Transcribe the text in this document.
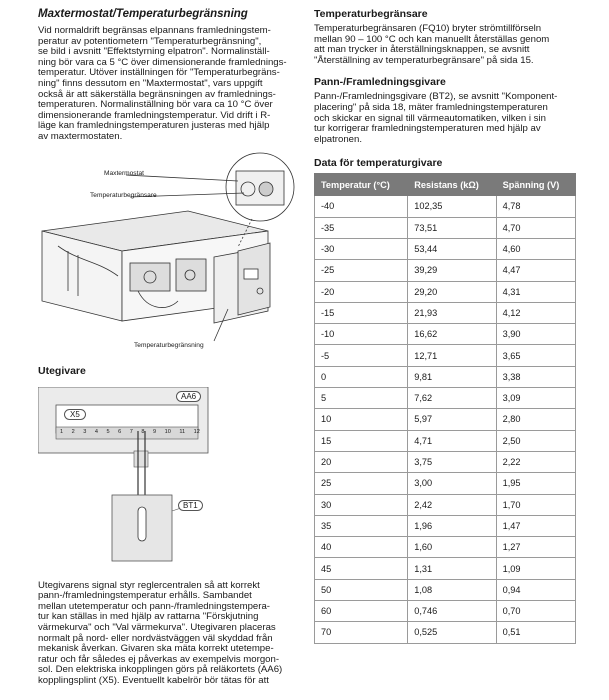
Maxtermostat/Temperaturbegränsning

Vid normaldrift begränsas elpannans framledningstem-
peratur av potentiometern "Temperaturbegränsning",
se bild i avsnitt "Effektstyrning elpatron". Normalinställ-
ning bör vara ca 5 °C över dimensionerande framlednings-
temperatur. Utöver inställningen för "Temperaturbegräns-
ning" finns dessutom en "Maxtermostat", vars uppgift
också är att säkerställa begränsningen av framlednings-
temperaturen. Normalinställning bör vara ca 10 °C över
dimensionerande framledningstemperatur. Vid drift i R-
läge kan framledningstemperaturen justeras med hjälp
av maxtermostaten.

Maxtermostat
Temperaturbegränsare
Temperaturbegränsning
Utegivare
AA6
X5
1 2 3 4 5 6 7 8 9 10 11 12
BT1

Utegivarens signal styr reglercentralen så att korrekt
pann-/framledningstemperatur erhålls. Sambandet
mellan utetemperatur och pann-/framledningstempera-
tur kan ställas in med hjälp av rattarna "Förskjutning
värmekurva" och "Val värmekurva". Utegivaren placeras
normalt på nord- eller nordvästväggen väl skyddad från
mekanisk åverkan. Givaren ska mäta korrekt utetempe-
ratur och får således ej påverkas av exempelvis morgon-
sol. Den elektriska inkopplingen görs på reläkortets (AA6)
kopplingsplint (X5). Eventuellt kabelrör bör tätas för att

Temperaturbegränsare

Temperaturbegränsaren (FQ10) bryter strömtillförseln
mellan 90 – 100 °C och kan manuellt återställas genom
att man trycker in återställningsknappen, se avsnitt
"Återställning av temperaturbegränsare" på sida 15.

Pann-/Framledningsgivare

Pann-/Framledningsgivare (BT2), se avsnitt "Komponent-
placering" på sida 18, mäter framledningstemperaturen
och skickar en signal till värmeautomatiken, vilken i sin
tur korrigerar framledningstemperaturen med hjälp av
elpatronen.

Data för temperaturgivare
Temperatur (°C)	Resistans (kΩ)	Spänning (V)
-40	102,35	4,78
-35	73,51	4,70
-30	53,44	4,60
-25	39,29	4,47
-20	29,20	4,31
-15	21,93	4,12
-10	16,62	3,90
-5	12,71	3,65
0	9,81	3,38
5	7,62	3,09
10	5,97	2,80
15	4,71	2,50
20	3,75	2,22
25	3,00	1,95
30	2,42	1,70
35	1,96	1,47
40	1,60	1,27
45	1,31	1,09
50	1,08	0,94
60	0,746	0,70
70	0,525	0,51
